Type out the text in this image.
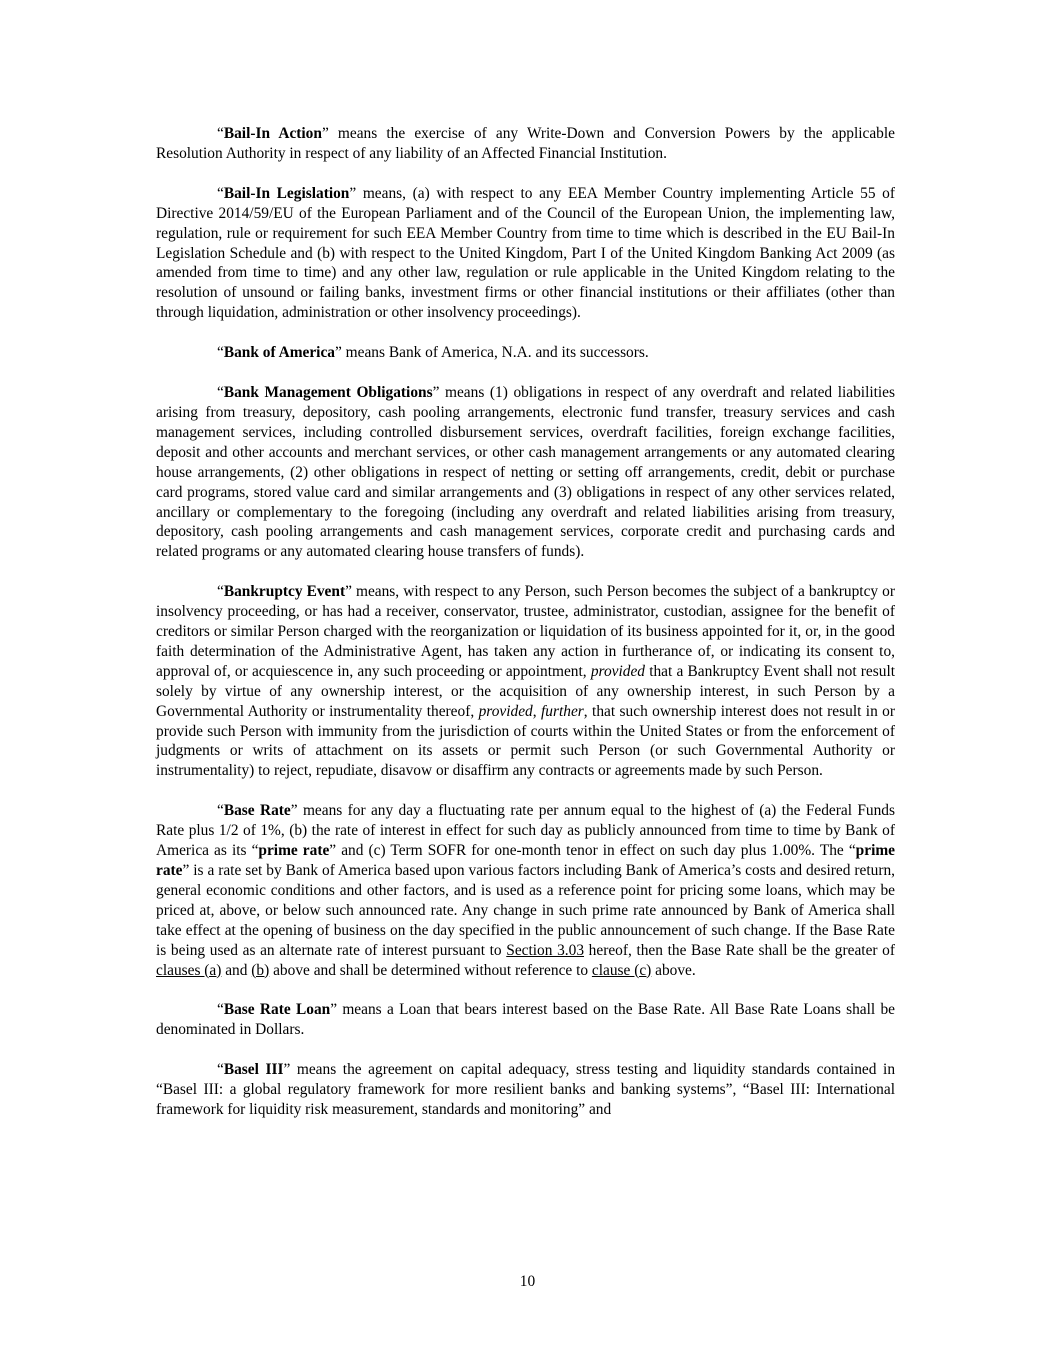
“Bail-In Action” means the exercise of any Write-Down and Conversion Powers by the applicable Resolution Authority in respect of any liability of an Affected Financial Institution.

“Bail-In Legislation” means, (a) with respect to any EEA Member Country implementing Article 55 of Directive 2014/59/EU of the European Parliament and of the Council of the European Union, the implementing law, regulation, rule or requirement for such EEA Member Country from time to time which is described in the EU Bail-In Legislation Schedule and (b) with respect to the United Kingdom, Part I of the United Kingdom Banking Act 2009 (as amended from time to time) and any other law, regulation or rule applicable in the United Kingdom relating to the resolution of unsound or failing banks, investment firms or other financial institutions or their affiliates (other than through liquidation, administration or other insolvency proceedings).

“Bank of America” means Bank of America, N.A. and its successors.

“Bank Management Obligations” means (1) obligations in respect of any overdraft and related liabilities arising from treasury, depository, cash pooling arrangements, electronic fund transfer, treasury services and cash management services, including controlled disbursement services, overdraft facilities, foreign exchange facilities, deposit and other accounts and merchant services, or other cash management arrangements or any automated clearing house arrangements, (2) other obligations in respect of netting or setting off arrangements, credit, debit or purchase card programs, stored value card and similar arrangements and (3) obligations in respect of any other services related, ancillary or complementary to the foregoing (including any overdraft and related liabilities arising from treasury, depository, cash pooling arrangements and cash management services, corporate credit and purchasing cards and related programs or any automated clearing house transfers of funds).

“Bankruptcy Event” means, with respect to any Person, such Person becomes the subject of a bankruptcy or insolvency proceeding, or has had a receiver, conservator, trustee, administrator, custodian, assignee for the benefit of creditors or similar Person charged with the reorganization or liquidation of its business appointed for it, or, in the good faith determination of the Administrative Agent, has taken any action in furtherance of, or indicating its consent to, approval of, or acquiescence in, any such proceeding or appointment, provided that a Bankruptcy Event shall not result solely by virtue of any ownership interest, or the acquisition of any ownership interest, in such Person by a Governmental Authority or instrumentality thereof, provided, further, that such ownership interest does not result in or provide such Person with immunity from the jurisdiction of courts within the United States or from the enforcement of judgments or writs of attachment on its assets or permit such Person (or such Governmental Authority or instrumentality) to reject, repudiate, disavow or disaffirm any contracts or agreements made by such Person.

“Base Rate” means for any day a fluctuating rate per annum equal to the highest of (a) the Federal Funds Rate plus 1/2 of 1%, (b) the rate of interest in effect for such day as publicly announced from time to time by Bank of America as its “prime rate” and (c) Term SOFR for one-month tenor in effect on such day plus 1.00%. The “prime rate” is a rate set by Bank of America based upon various factors including Bank of America’s costs and desired return, general economic conditions and other factors, and is used as a reference point for pricing some loans, which may be priced at, above, or below such announced rate. Any change in such prime rate announced by Bank of America shall take effect at the opening of business on the day specified in the public announcement of such change. If the Base Rate is being used as an alternate rate of interest pursuant to Section 3.03 hereof, then the Base Rate shall be the greater of clauses (a) and (b) above and shall be determined without reference to clause (c) above.

“Base Rate Loan” means a Loan that bears interest based on the Base Rate. All Base Rate Loans shall be denominated in Dollars.

“Basel III” means the agreement on capital adequacy, stress testing and liquidity standards contained in “Basel III: a global regulatory framework for more resilient banks and banking systems”, “Basel III: International framework for liquidity risk measurement, standards and monitoring” and

10
